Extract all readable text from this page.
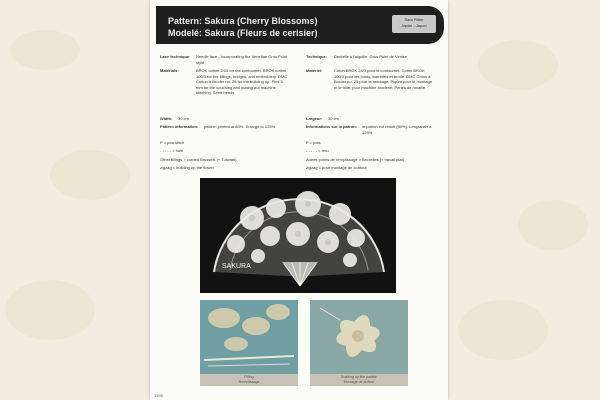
Pattern: Sakura (Cherry Blossoms)
Modelé: Sakura (Fleurs de cerisier)
Sara Ritter
Japan - Japon
Lace technique: Needle lace - incorporating the Venetian Gros Point style
Materials:	BROK cotton 24/3 for the contournet. BROK cotton 100/3 for the fillings, bridges, and embroidery. DMC Cotton à Broder no. 25 for the building up. Pins 3 mm for the couching and cutting out machine stitching. Seed beads
Width: 30 cm
Pattern information: pattern printed at 80%. Enlarge to 125%
P = pea stitch
- - - - - = hole
Other fillings = corded Brussels (+ Tulwark)
zigzag = building up the flower
Technique: Dentelle à l'aiguille. Gros Point de Venise
Matériel:	Coton BROK 24/3 pour le contournet. Coton BROK 100/3 pour les fonds, barrettes et brode. DMC Coton à Broder no. 25 pour le montage. Piqûre pour le montage et le tulle, pour machine broderie. Perles de rocaille
Largeur: 30 cm
Informations sur le patron: le patron est réduit (80%). Lesgrandir à 125%
P = pois
- - - - - = trou
Autres points de remplissage = Bruxelles (+ travail plat)
zigzag = pour montage de contour
SAKURA
Filling
Remplissage
Building up the paddle
Montage de la fleur
1395
